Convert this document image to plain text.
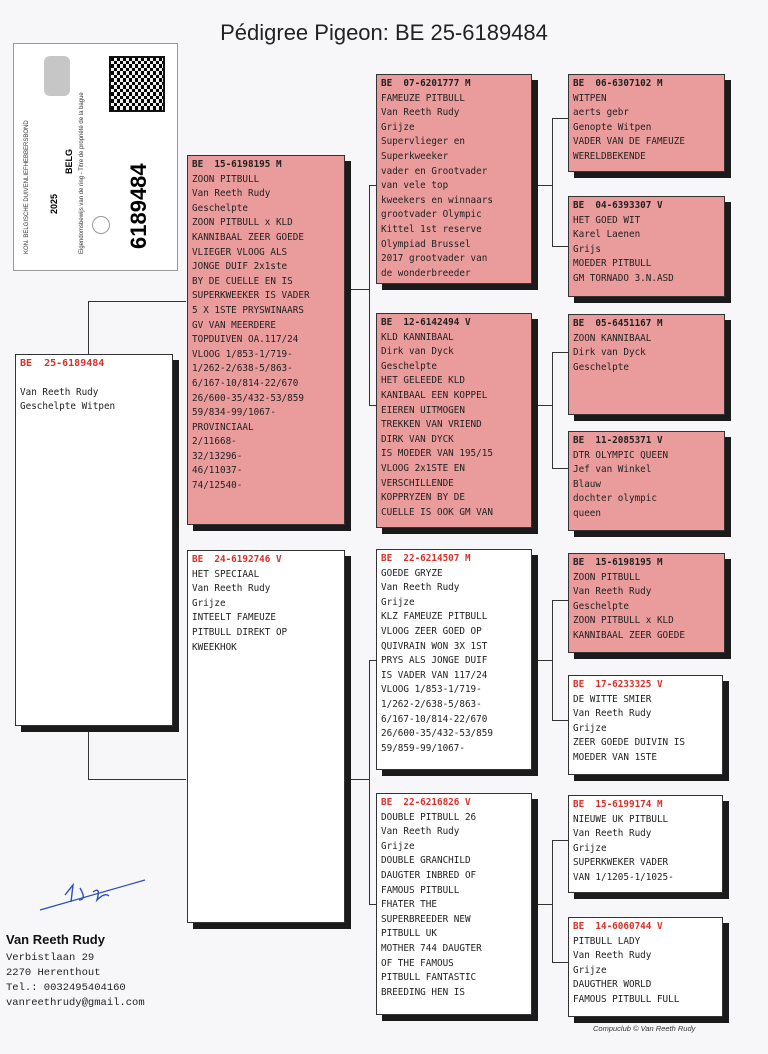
Pédigree Pigeon: BE 25-6189484
2025
BELG
KON. BELGISCHE DUIVENLIEFHEBBERSBOND	Eigendomsbewijs van de ring - Titre de propriété de la bague 6189484
BE  25-6189484
Van Reeth Rudy
Geschelpte Witpen
BE  15-6198195 M
ZOON PITBULL
Van Reeth Rudy
Geschelpte
ZOON PITBULL x KLD
KANNIBAAL ZEER GOEDE
VLIEGER VLOOG ALS
JONGE DUIF 2x1ste
BY DE CUELLE EN IS
SUPERKWEEKER IS VADER
5 X 1STE PRYSWINAARS
GV VAN MEERDERE
TOPDUIVEN OA.117/24
VLOOG 1/853-1/719-
1/262-2/638-5/863-
6/167-10/814-22/670
26/600-35/432-53/859
59/834-99/1067-
PROVINCIAAL
2/11668-
32/13296-
46/11037-
74/12540-
BE  24-6192746 V
HET SPECIAAL
Van Reeth Rudy
Grijze
INTEELT FAMEUZE
PITBULL DIREKT OP
KWEEKHOK
BE  07-6201777 M
FAMEUZE PITBULL
Van Reeth Rudy
Grijze
Supervlieger en
Superkweeker
vader en Grootvader
van vele top
kweekers en winnaars
grootvader Olympic
Kittel 1st reserve
Olympiad Brussel
2017 grootvader van
de wonderbreeder
BE  12-6142494 V
KLD KANNIBAAL
Dirk van Dyck
Geschelpte
HET GELEEDE KLD
KANIBAAL EEN KOPPEL
EIEREN UITMOGEN
TREKKEN VAN VRIEND
DIRK VAN DYCK
IS MOEDER VAN 195/15
VLOOG 2x1STE EN
VERSCHILLENDE
KOPPRYZEN BY DE
CUELLE IS OOK GM VAN
BE  22-6214507 M
GOEDE GRYZE
Van Reeth Rudy
Grijze
KLZ FAMEUZE PITBULL
VLOOG ZEER GOED OP
QUIVRAIN WON 3X 1ST
PRYS ALS JONGE DUIF
IS VADER VAN 117/24
VLOOG 1/853-1/719-
1/262-2/638-5/863-
6/167-10/814-22/670
26/600-35/432-53/859
59/859-99/1067-
BE  22-6216826 V
DOUBLE PITBULL 26
Van Reeth Rudy
Grijze
DOUBLE GRANCHILD
DAUGTER INBRED OF
FAMOUS PITBULL
FHATER THE
SUPERBREEDER NEW
PITBULL UK
MOTHER 744 DAUGTER
OF THE FAMOUS
PITBULL FANTASTIC
BREEDING HEN IS
BE  06-6307102 M
WITPEN
aerts gebr
Genopte Witpen
VADER VAN DE FAMEUZE
WERELDBEKENDE
BE  04-6393307 V
HET GOED WIT
Karel Laenen
Grijs
MOEDER PITBULL
GM TORNADO 3.N.ASD
BE  05-6451167 M
ZOON KANNIBAAL
Dirk van Dyck
Geschelpte
BE  11-2085371 V
DTR OLYMPIC QUEEN
Jef van Winkel
Blauw
dochter olympic
queen
BE  15-6198195 M
ZOON PITBULL
Van Reeth Rudy
Geschelpte
ZOON PITBULL x KLD
KANNIBAAL ZEER GOEDE
BE  17-6233325 V
DE WITTE SMIER
Van Reeth Rudy
Grijze
ZEER GOEDE DUIVIN IS
MOEDER VAN 1STE
BE  15-6199174 M
NIEUWE UK PITBULL
Van Reeth Rudy
Grijze
SUPERKWEKER VADER
VAN 1/1205-1/1025-
BE  14-6060744 V
PITBULL LADY
Van Reeth Rudy
Grijze
DAUGTHER WORLD
FAMOUS PITBULL FULL
Van Reeth Rudy
Verbistlaan 29
2270 Herenthout
Tel.: 0032495404160
vanreethrudy@gmail.com
Compuclub © Van Reeth Rudy
